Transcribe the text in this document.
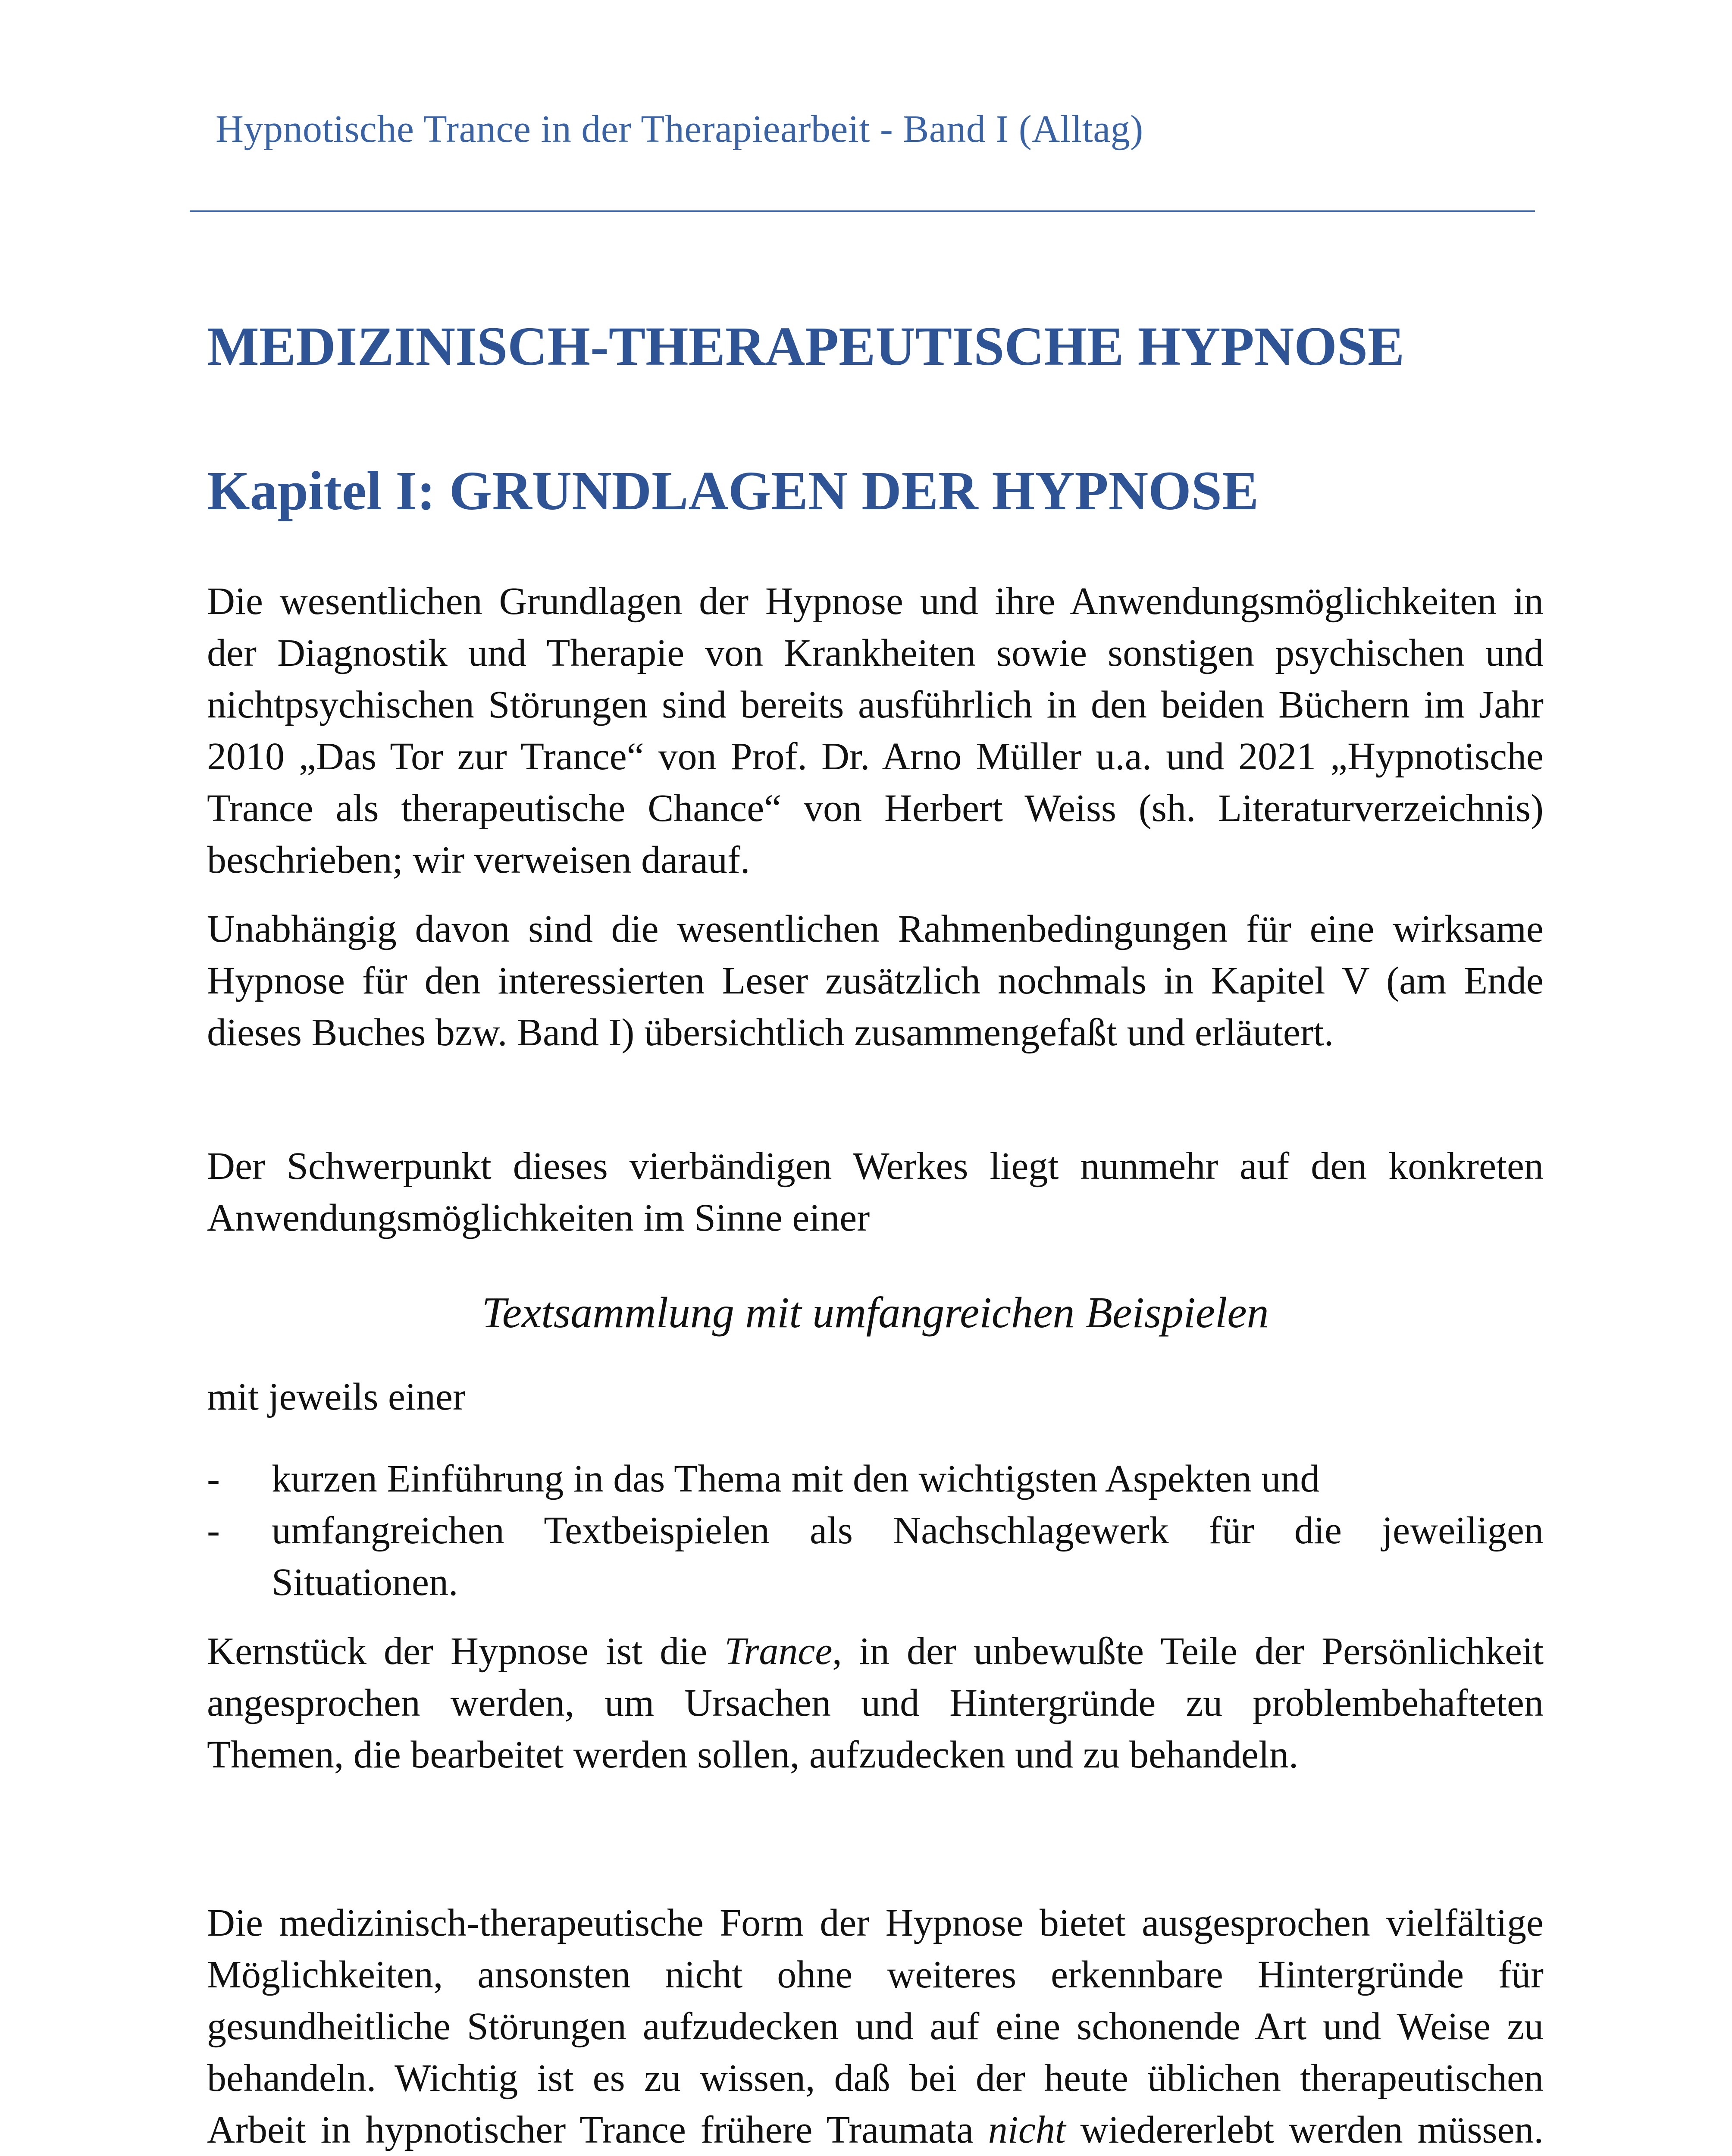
Hypnotische Trance in der Therapiearbeit - Band I (Alltag)
MEDIZINISCH-THERAPEUTISCHE HYPNOSE
Kapitel I: GRUNDLAGEN DER HYPNOSE

Die wesentlichen Grundlagen der Hypnose und ihre Anwendungsmöglichkeiten in der Diagnostik und Therapie von Krankheiten sowie sonstigen psychischen und nichtpsychischen Störungen sind bereits ausführlich in den beiden Büchern im Jahr 2010 „Das Tor zur Trance“ von Prof. Dr. Arno Müller u.a. und 2021 „Hypnotische Trance als therapeutische Chance“ von Herbert Weiss (sh. Literaturverzeichnis) beschrieben; wir verweisen darauf.

Unabhängig davon sind die wesentlichen Rahmenbedingungen für eine wirksame Hypnose für den interessierten Leser zusätzlich nochmals in Kapitel V (am Ende dieses Buches bzw. Band I) übersichtlich zusammengefaßt und erläutert.

Der Schwerpunkt dieses vierbändigen Werkes liegt nunmehr auf den konkreten Anwendungsmöglichkeiten im Sinne einer

Textsammlung mit umfangreichen Beispielen

mit jeweils einer

- kurzen Einführung in das Thema mit den wichtigsten Aspekten und
- umfangreichen Textbeispielen als Nachschlagewerk für die jeweiligen Situationen.

Kernstück der Hypnose ist die Trance, in der unbewußte Teile der Persönlichkeit angesprochen werden, um Ursachen und Hintergründe zu problembehafteten Themen, die bearbeitet werden sollen, aufzudecken und zu behandeln.

Die medizinisch-therapeutische Form der Hypnose bietet ausgesprochen vielfältige Möglichkeiten, ansonsten nicht ohne weiteres erkennbare Hintergründe für gesundheitliche Störungen aufzudecken und auf eine schonende Art und Weise zu behandeln. Wichtig ist es zu wissen, daß bei der heute üblichen therapeutischen Arbeit in hypnotischer Trance frühere Traumata nicht wiedererlebt werden müssen.
